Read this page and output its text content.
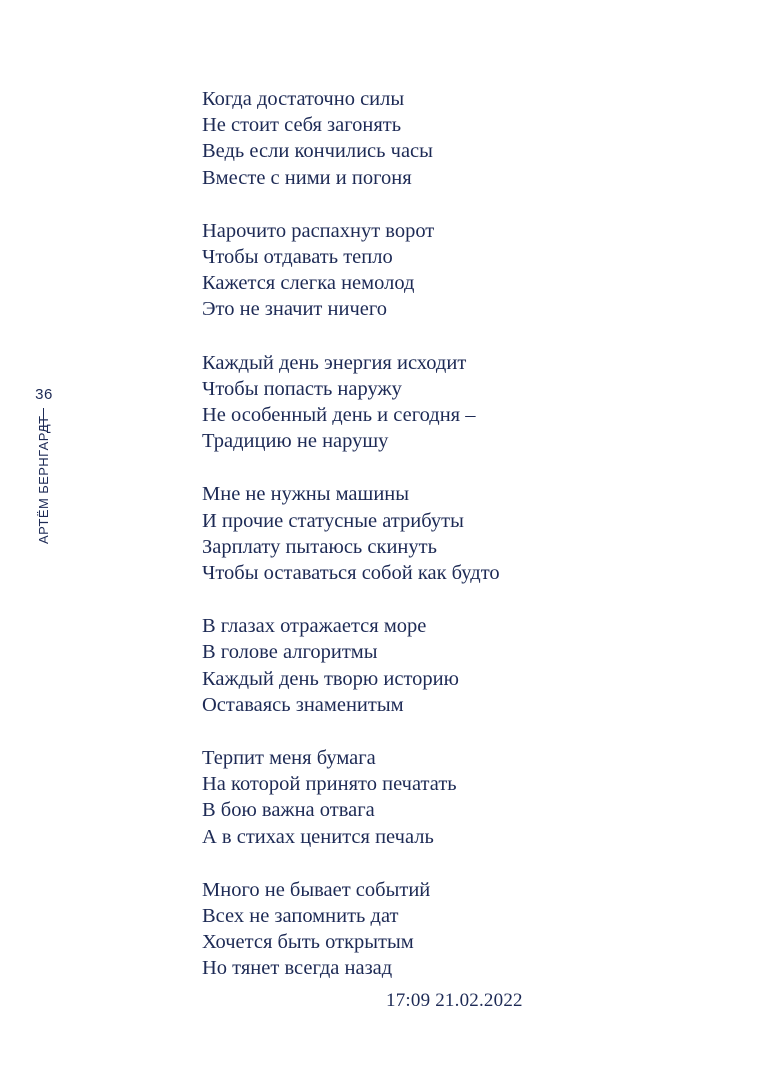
36
АРТЁМ БЕРНГАРДТ
Когда достаточно силы
Не стоит себя загонять
Ведь если кончились часы
Вместе с ними и погоня
Нарочито распахнут ворот
Чтобы отдавать тепло
Кажется слегка немолод
Это не значит ничего
Каждый день энергия исходит
Чтобы попасть наружу
Не особенный день и сегодня –
Традицию не нарушу
Мне не нужны машины
И прочие статусные атрибуты
Зарплату пытаюсь скинуть
Чтобы оставаться собой как будто
В глазах отражается море
В голове алгоритмы
Каждый день творю историю
Оставаясь знаменитым
Терпит меня бумага
На которой принято печатать
В бою важна отвага
А в стихах ценится печаль
Много не бывает событий
Всех не запомнить дат
Хочется быть открытым
Но тянет всегда назад
17:09 21.02.2022
